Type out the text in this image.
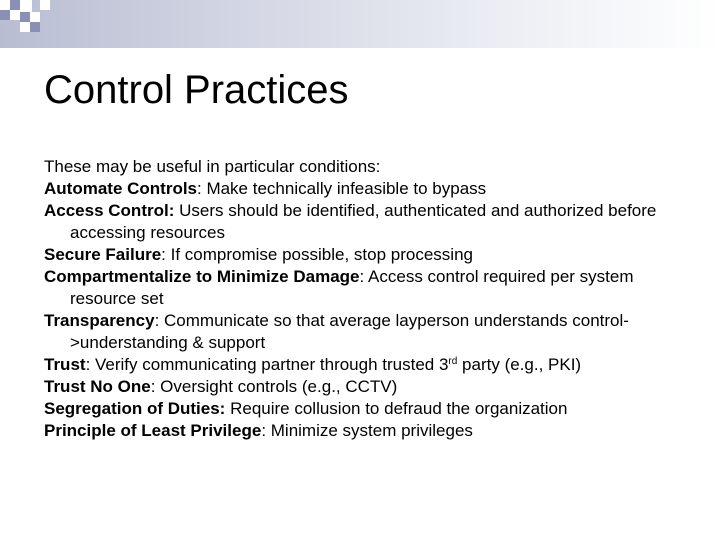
Control Practices

These may be useful in particular conditions:

Automate Controls: Make technically infeasible to bypass

Access Control: Users should be identified, authenticated and authorized before accessing resources

Secure Failure: If compromise possible, stop processing

Compartmentalize to Minimize Damage: Access control required per system resource set

Transparency: Communicate so that average layperson understands control->understanding & support

Trust: Verify communicating partner through trusted 3rd party (e.g., PKI)

Trust No One: Oversight controls (e.g., CCTV)

Segregation of Duties: Require collusion to defraud the organization

Principle of Least Privilege: Minimize system privileges
